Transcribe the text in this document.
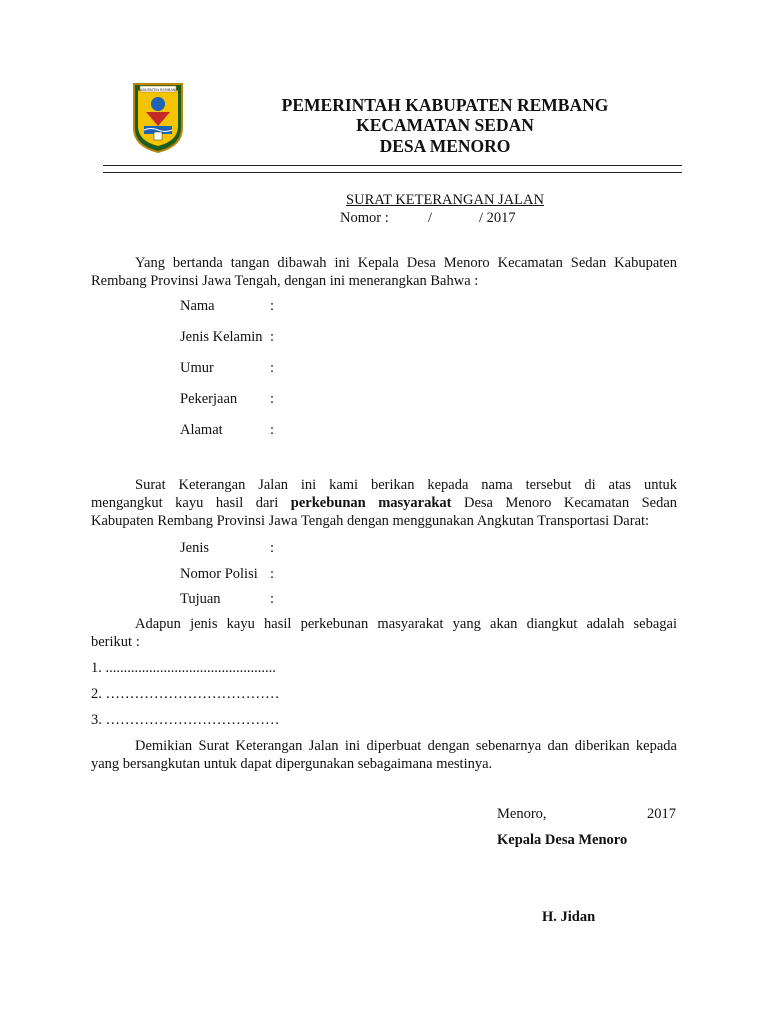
KABUPATEN REMBANG
PEMERINTAH KABUPATEN REMBANG
KECAMATAN SEDAN
DESA MENORO
SURAT KETERANGAN JALAN
Nomor :	/	/ 2017
Yang bertanda tangan dibawah ini Kepala Desa Menoro Kecamatan Sedan Kabupaten
Rembang Provinsi Jawa Tengah, dengan ini menerangkan Bahwa :
Nama	:
Jenis Kelamin :
Umur	:
Pekerjaan :
Alamat	:
Surat Keterangan Jalan ini kami berikan kepada nama tersebut di atas untuk
mengangkut kayu hasil dari perkebunan masyarakat Desa Menoro Kecamatan Sedan
Kabupaten Rembang Provinsi Jawa Tengah dengan menggunakan Angkutan Transportasi Darat:
Jenis	:
Nomor Polisi :
Tujuan	:
Adapun jenis kayu hasil perkebunan masyarakat yang akan diangkut adalah sebagai
berikut :
1. ...............................................
2. ………………………………
3. ………………………………
Demikian Surat Keterangan Jalan ini diperbuat dengan sebenarnya dan diberikan kepada
yang bersangkutan untuk dapat dipergunakan sebagaimana mestinya.
Menoro,	2017
Kepala Desa Menoro
H. Jidan
